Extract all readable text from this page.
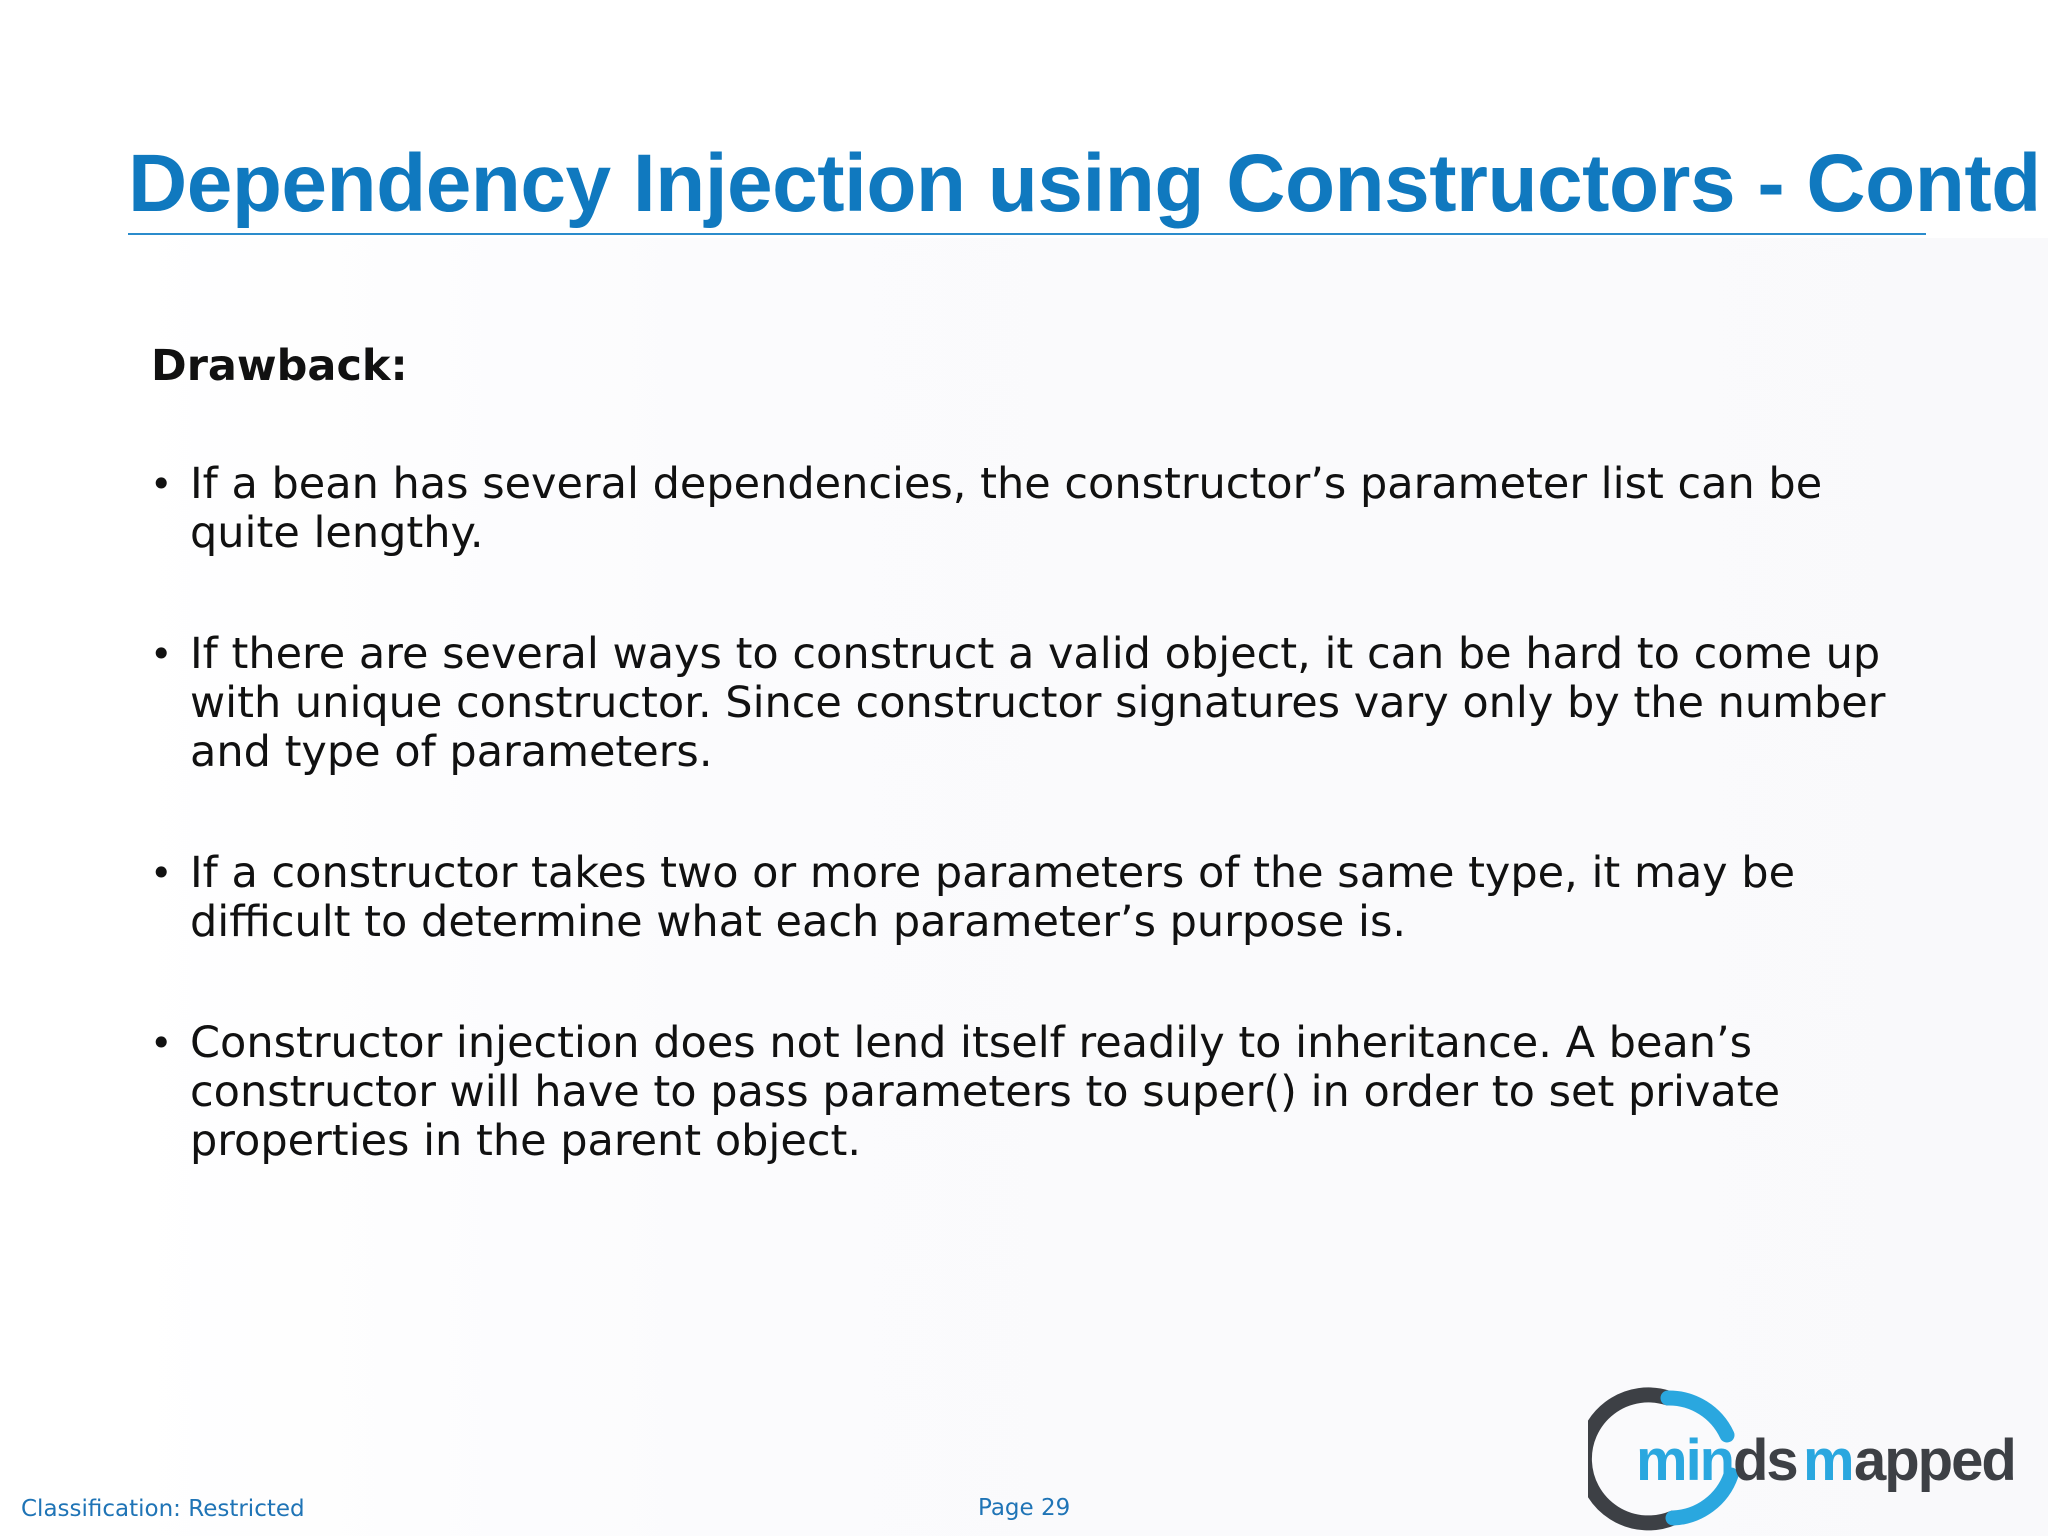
Dependency Injection using Constructors - Contd
Drawback:
• If a bean has several dependencies, the constructor’s parameter list can be quite lengthy.
• If there are several ways to construct a valid object, it can be hard to come up with unique constructor. Since constructor signatures vary only by the number and type of parameters.
• If a constructor takes two or more parameters of the same type, it may be difficult to determine what each parameter’s purpose is.
• Constructor injection does not lend itself readily to inheritance. A bean’s constructor will have to pass parameters to super() in order to set private properties in the parent object.
Classification: Restricted	Page 29
min ds m apped
